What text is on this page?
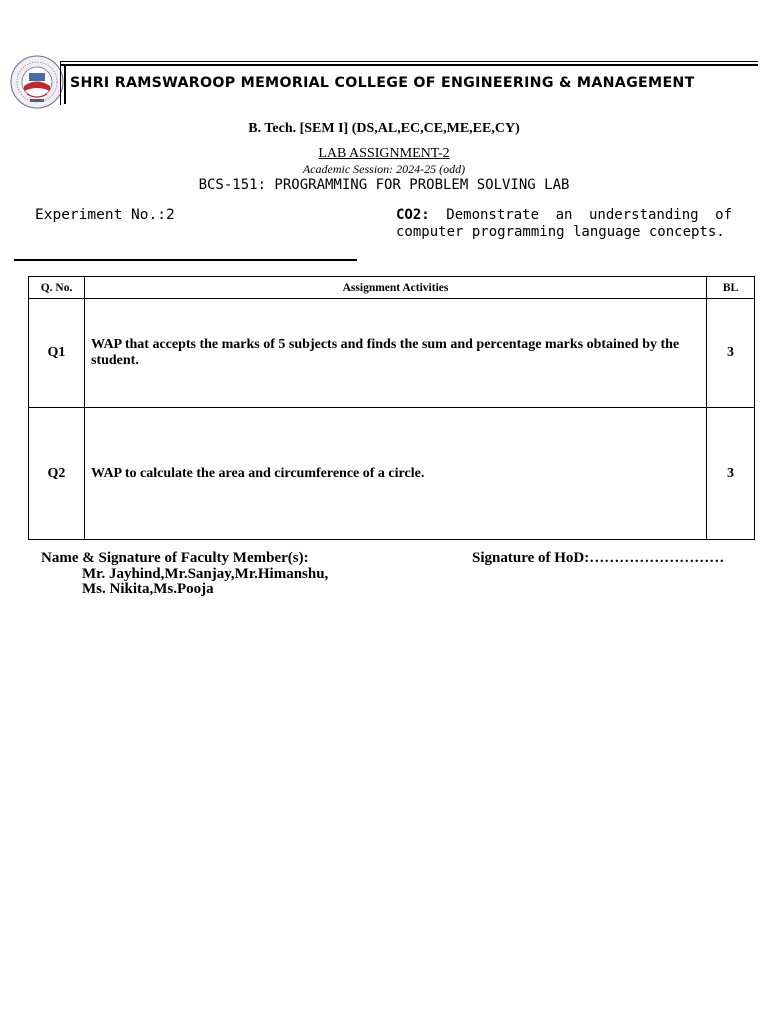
SHRI RAMSWAROOP MEMORIAL COLLEGE OF ENGINEERING & MANAGEMENT
B. Tech. [SEM I] (DS,AL,EC,CE,ME,EE,CY)
LAB ASSIGNMENT-2
Academic Session: 2024-25 (odd)
BCS-151: PROGRAMMING FOR PROBLEM SOLVING LAB
Experiment No.:2	CO2: Demonstrate an understanding of computer programming language concepts.
Q. No.	Assignment Activities	BL
Q1	WAP that accepts the marks of 5 subjects and finds the sum and percentage marks obtained by the student.	3
Q2	WAP to calculate the area and circumference of a circle.	3
Name & Signature of Faculty Member(s):
Mr. Jayhind,Mr.Sanjay,Mr.Himanshu,
Ms. Nikita,Ms.Pooja
Signature of HoD:………………………
